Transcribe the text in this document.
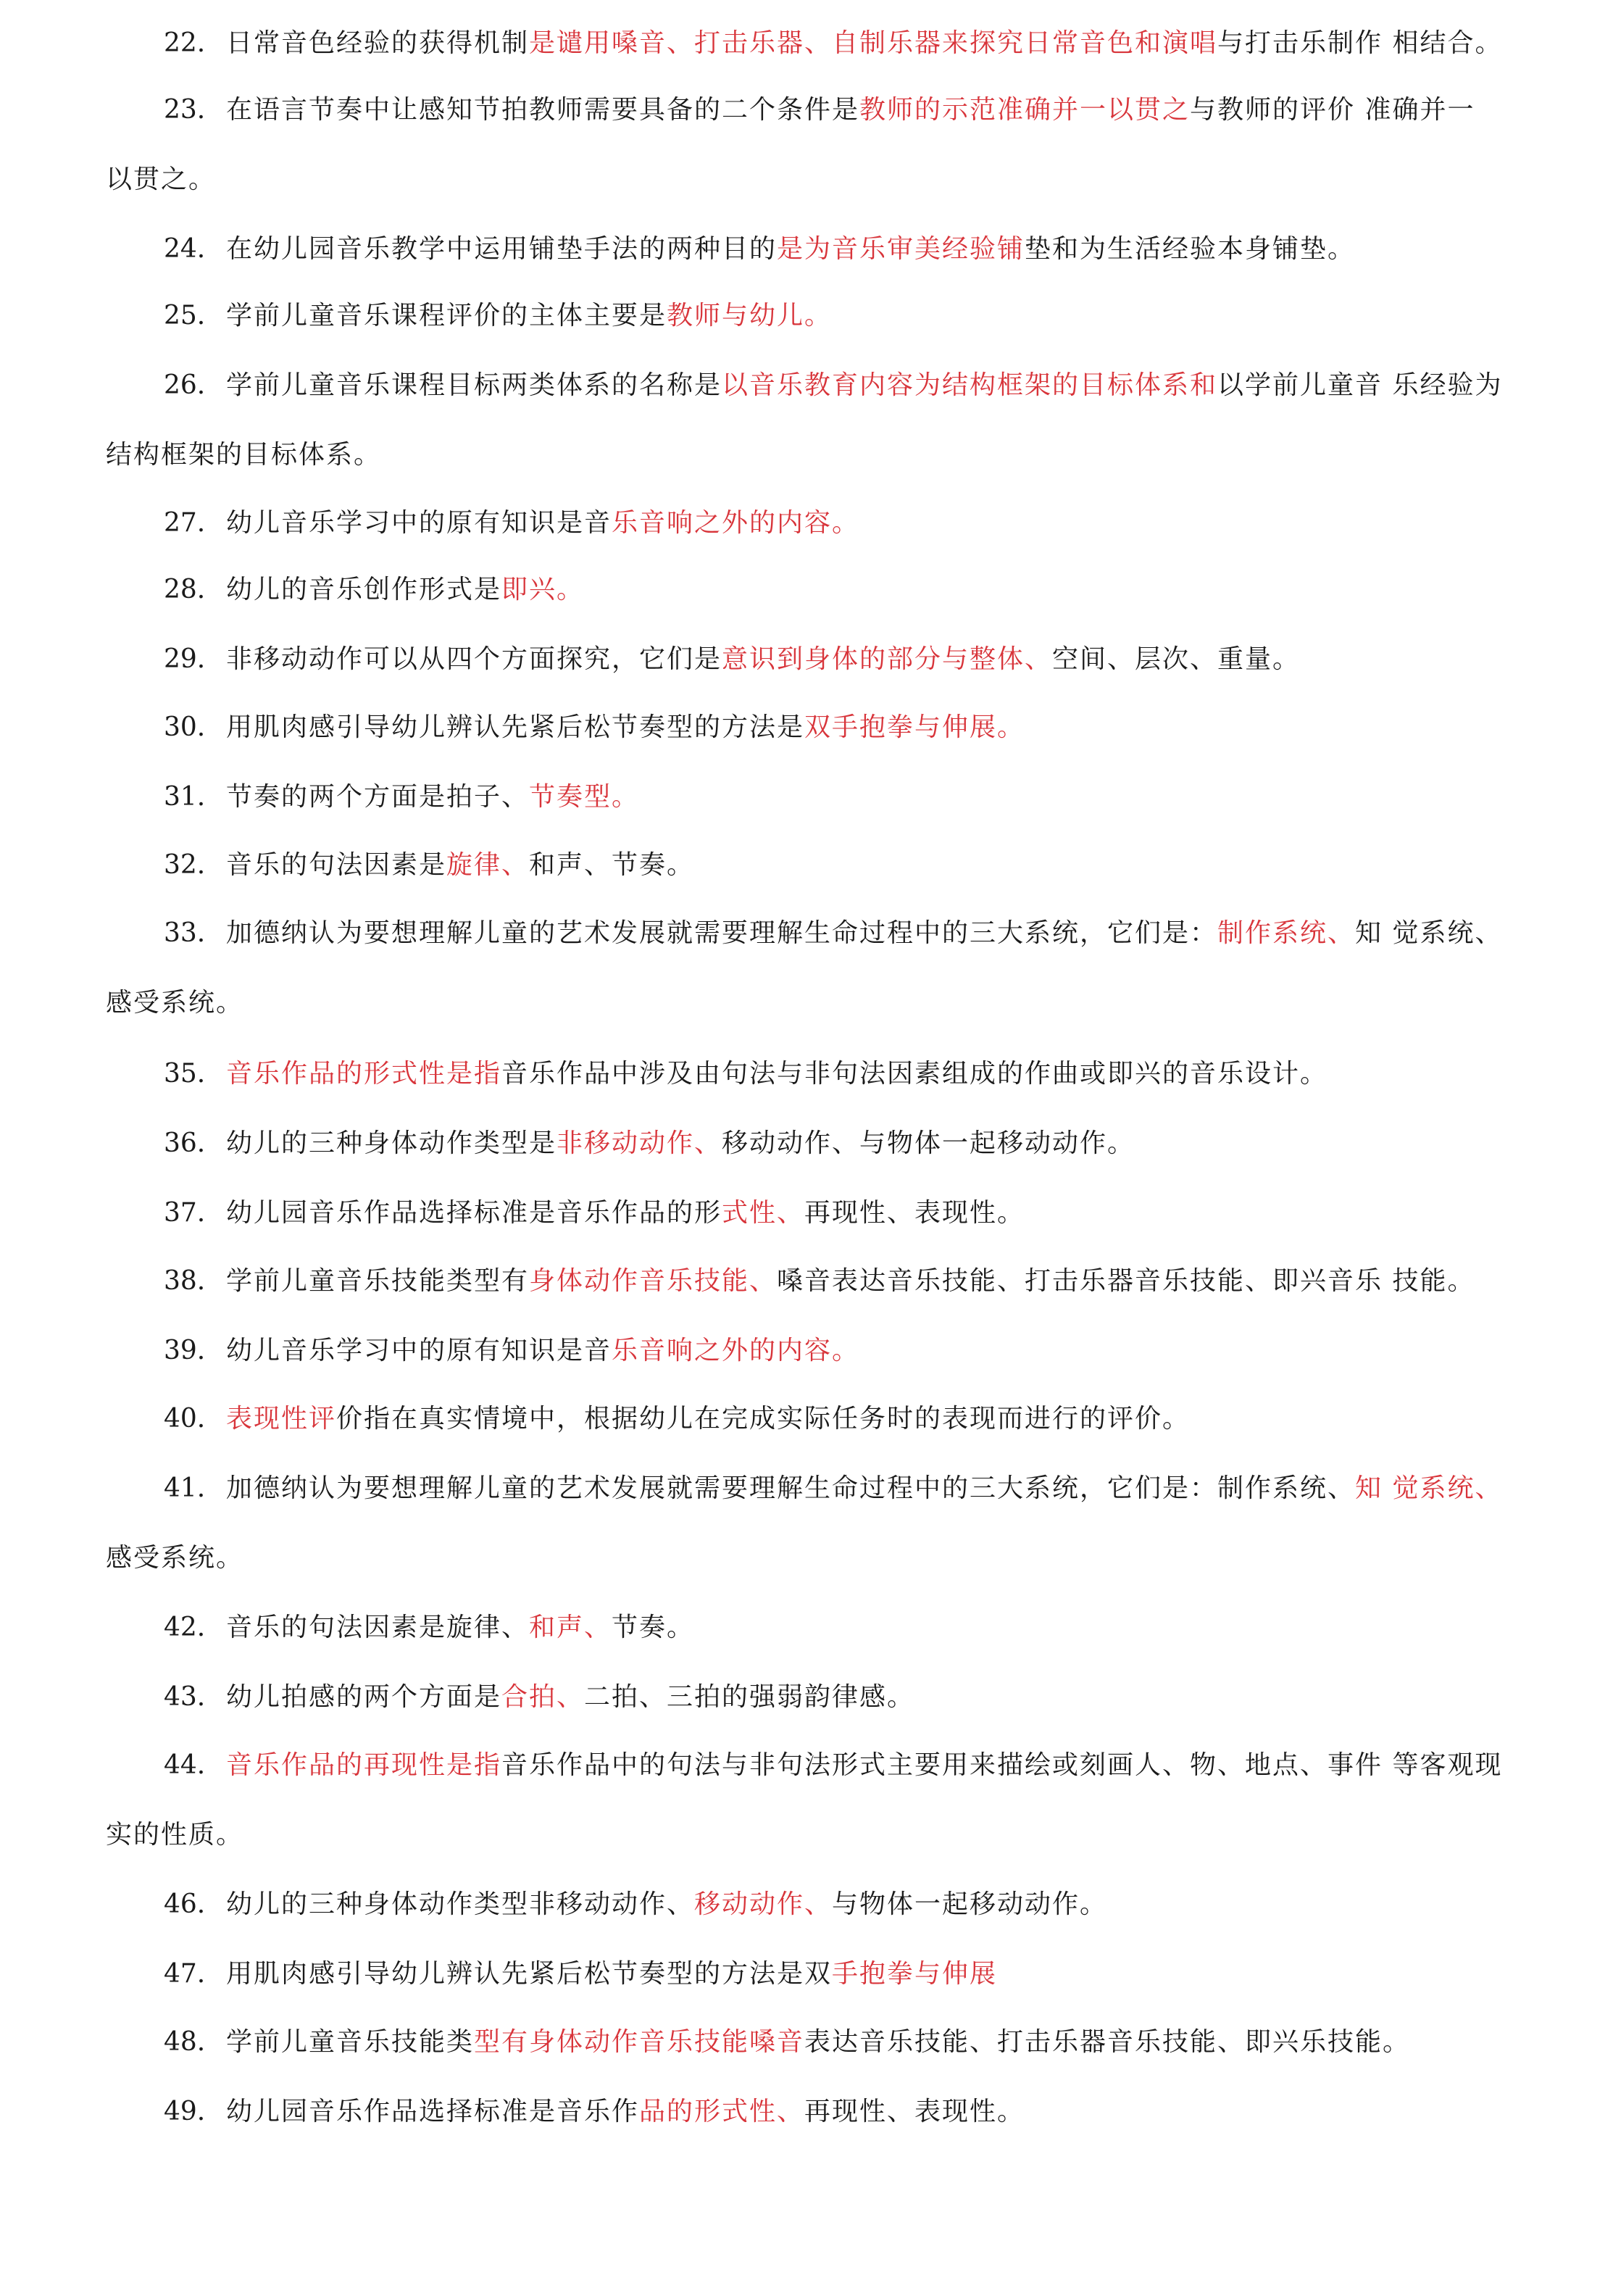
22. 日常音色经验的获得机制是谴用嗓音、打击乐器、自制乐器来探究日常音色和演唱与打击乐制作 相结合。
23. 在语言节奏中让感知节拍教师需要具备的二个条件是教师的示范准确并一以贯之与教师的评价 准确并一
以贯之。
24. 在幼儿园音乐教学中运用铺垫手法的两种目的是为音乐审美经验铺垫和为生活经验本身铺垫。
25. 学前儿童音乐课程评价的主体主要是教师与幼儿。
26. 学前儿童音乐课程目标两类体系的名称是以音乐教育内容为结构框架的目标体系和以学前儿童音 乐经验为
结构框架的目标体系。
27. 幼儿音乐学习中的原有知识是音乐音响之外的内容。
28. 幼儿的音乐创作形式是即兴。
29. 非移动动作可以从四个方面探究，它们是意识到身体的部分与整体、空间、层次、重量。
30. 用肌肉感引导幼儿辨认先紧后松节奏型的方法是双手抱拳与伸展。
31. 节奏的两个方面是拍子、节奏型。
32. 音乐的句法因素是旋律、和声、节奏。
33. 加德纳认为要想理解儿童的艺术发展就需要理解生命过程中的三大系统，它们是：制作系统、知 觉系统、
感受系统。
35. 音乐作品的形式性是指音乐作品中涉及由句法与非句法因素组成的作曲或即兴的音乐设计。
36. 幼儿的三种身体动作类型是非移动动作、移动动作、与物体一起移动动作。
37. 幼儿园音乐作品选择标准是音乐作品的形式性、再现性、表现性。
38. 学前儿童音乐技能类型有身体动作音乐技能、嗓音表达音乐技能、打击乐器音乐技能、即兴音乐 技能。
39. 幼儿音乐学习中的原有知识是音乐音响之外的内容。
40. 表现性评价指在真实情境中，根据幼儿在完成实际任务时的表现而进行的评价。
41. 加德纳认为要想理解儿童的艺术发展就需要理解生命过程中的三大系统，它们是：制作系统、知 觉系统、
感受系统。
42. 音乐的句法因素是旋律、和声、节奏。
43. 幼儿拍感的两个方面是合拍、二拍、三拍的强弱韵律感。
44. 音乐作品的再现性是指音乐作品中的句法与非句法形式主要用来描绘或刻画人、物、地点、事件 等客观现
实的性质。
46. 幼儿的三种身体动作类型非移动动作、移动动作、与物体一起移动动作。
47. 用肌肉感引导幼儿辨认先紧后松节奏型的方法是双手抱拳与伸展
48. 学前儿童音乐技能类型有身体动作音乐技能嗓音表达音乐技能、打击乐器音乐技能、即兴乐技能。
49. 幼儿园音乐作品选择标准是音乐作品的形式性、再现性、表现性。
